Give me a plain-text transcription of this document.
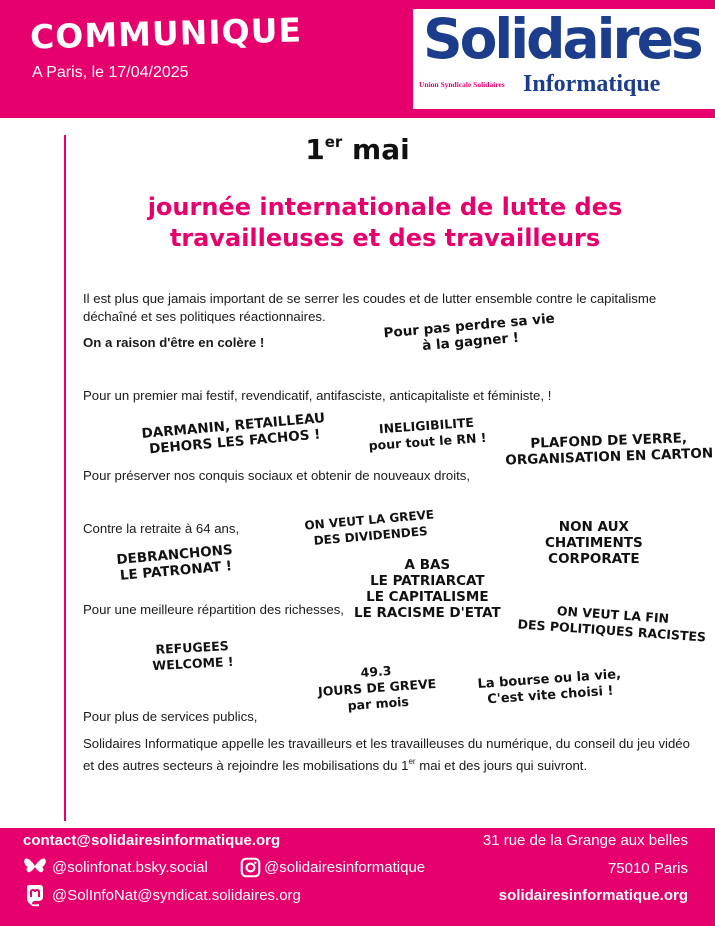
COMMUNIQUE
A Paris, le 17/04/2025
Solidaires
Union Syndicale Solidaires Informatique
1er mai
journée internationale de lutte des
travailleuses et des travailleurs
Il est plus que jamais important de se serrer les coudes et de lutter ensemble contre le capitalisme déchaîné et ses politiques réactionnaires.
On a raison d'être en colère !
Pour un premier mai festif, revendicatif, antifasciste, anticapitaliste et féministe, !
Pour préserver nos conquis sociaux et obtenir de nouveaux droits,
Contre la retraite à 64 ans,
Pour une meilleure répartition des richesses,
Pour plus de services publics,
Solidaires Informatique appelle les travailleurs et les travailleuses du numérique, du conseil du jeu vidéo et des autres secteurs à rejoindre les mobilisations du 1er mai et des jours qui suivront.
Pour pas perdre sa vie
à la gagner !
DARMANIN, RETAILLEAU
DEHORS LES FACHOS !
INELIGIBILITE
pour tout le RN !	PLAFOND DE VERRE,
ORGANISATION EN CARTON
ON VEUT LA GREVE
DES DIVIDENDES	NON AUX
CHATIMENTS
CORPORATE
DEBRANCHONS
LE PATRONAT !	A BAS
LE PATRIARCAT
LE CAPITALISME
LE RACISME D'ETAT	ON VEUT LA FIN
DES POLITIQUES RACISTES
REFUGEES
WELCOME !	49.3
JOURS DE GREVE
par mois
La bourse ou la vie,
C'est vite choisi !
contact@solidairesinformatique.org
@solinfonat.bsky.social	@solidairesinformatique
@SolInfoNat@syndicat.solidaires.org
31 rue de la Grange aux belles
75010 Paris
solidairesinformatique.org
